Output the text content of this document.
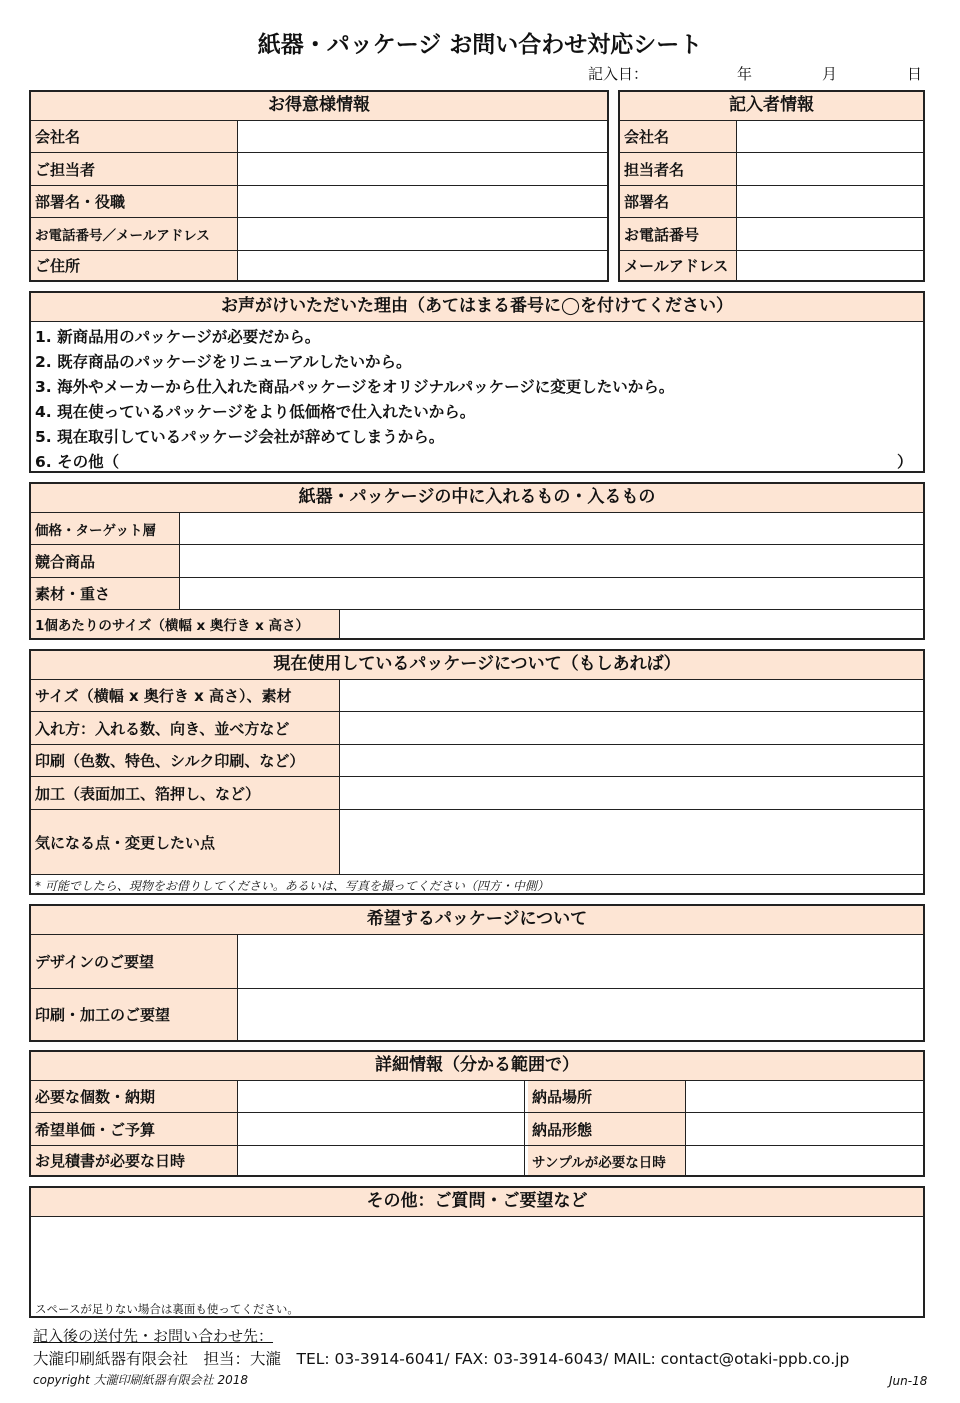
紙器・パッケージ お問い合わせ対応シート
記入日：	年	月	日
お得意様情報
会社名
ご担当者
部署名・役職
お電話番号／メールアドレス
ご住所
記入者情報
会社名
担当者名
部署名
お電話番号
メールアドレス
お声がけいただいた理由（あてはまる番号に◯を付けてください）
1. 新商品用のパッケージが必要だから。
2. 既存商品のパッケージをリニューアルしたいから。
3. 海外やメーカーから仕入れた商品パッケージをオリジナルパッケージに変更したいから。
4. 現在使っているパッケージをより低価格で仕入れたいから。
5. 現在取引しているパッケージ会社が辞めてしまうから。
6. その他（	）
紙器・パッケージの中に入れるもの・入るもの
価格・ターゲット層
競合商品
素材・重さ
1個あたりのサイズ（横幅 x 奥行き x 高さ）
現在使用しているパッケージについて（もしあれば）
サイズ（横幅 x 奥行き x 高さ）、素材
入れ方：入れる数、向き、並べ方など
印刷（色数、特色、シルク印刷、など）
加工（表面加工、箔押し、など）
気になる点・変更したい点
* 可能でしたら、現物をお借りしてください。あるいは、写真を撮ってください（四方・中側）
希望するパッケージについて
デザインのご要望
印刷・加工のご要望
詳細情報（分かる範囲で）
必要な個数・納期	納品場所
希望単価・ご予算	納品形態
お見積書が必要な日時	サンプルが必要な日時
その他：ご質問・ご要望など
スペースが足りない場合は裏面も使ってください。
記入後の送付先・お問い合わせ先：
大瀧印刷紙器有限会社　担当：大瀧　TEL: 03-3914-6041/ FAX: 03-3914-6043/ MAIL: contact@otaki-ppb.co.jp
copyright 大瀧印刷紙器有限会社 2018	Jun-18
